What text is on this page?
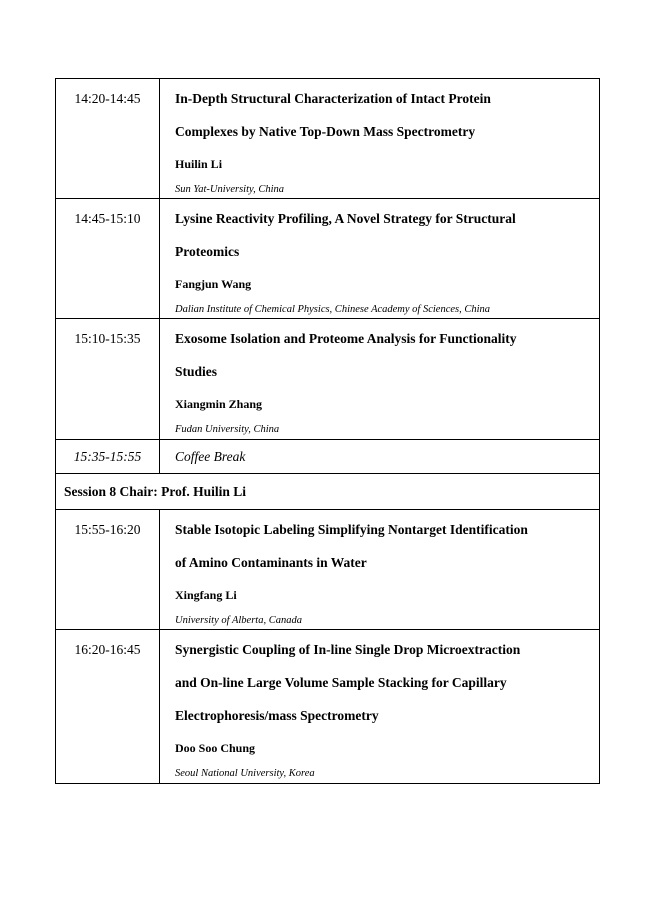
14:20-14:45	In-Depth Structural Characterization of Intact Protein
Complexes by Native Top-Down Mass Spectrometry
Huilin Li
Sun Yat-University, China

14:45-15:10	Lysine Reactivity Profiling, A Novel Strategy for Structural
Proteomics
Fangjun Wang
Dalian Institute of Chemical Physics, Chinese Academy of Sciences, China

15:10-15:35	Exosome Isolation and Proteome Analysis for Functionality
Studies
Xiangmin Zhang
Fudan University, China

15:35-15:55	Coffee Break
Session 8 Chair: Prof. Huilin Li	
15:55-16:20	Stable Isotopic Labeling Simplifying Nontarget Identification
of Amino Contaminants in Water
Xingfang Li
University of Alberta, Canada

16:20-16:45	Synergistic Coupling of In-line Single Drop Microextraction
and On-line Large Volume Sample Stacking for Capillary
Electrophoresis/mass Spectrometry
Doo Soo Chung
Seoul National University, Korea
